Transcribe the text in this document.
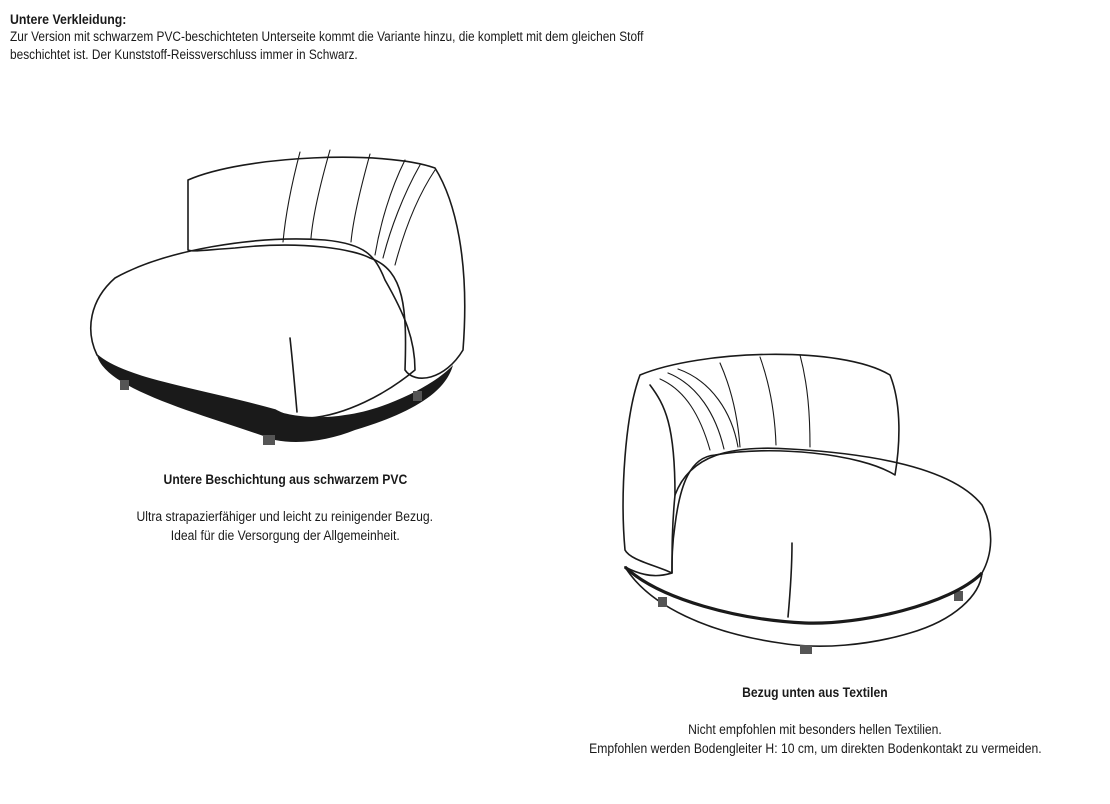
Untere Verkleidung:
Zur Version mit schwarzem PVC-beschichteten Unterseite kommt die Variante hinzu, die komplett mit dem gleichen Stoff
beschichtet ist. Der Kunststoff-Reissverschluss immer in Schwarz.
Untere Beschichtung aus schwarzem PVC
Ultra strapazierfähiger und leicht zu reinigender Bezug.
Ideal für die Versorgung der Allgemeinheit.
Bezug unten aus Textilen
Nicht empfohlen mit besonders hellen Textilien.
Empfohlen werden Bodengleiter H: 10 cm, um direkten Bodenkontakt zu vermeiden.
